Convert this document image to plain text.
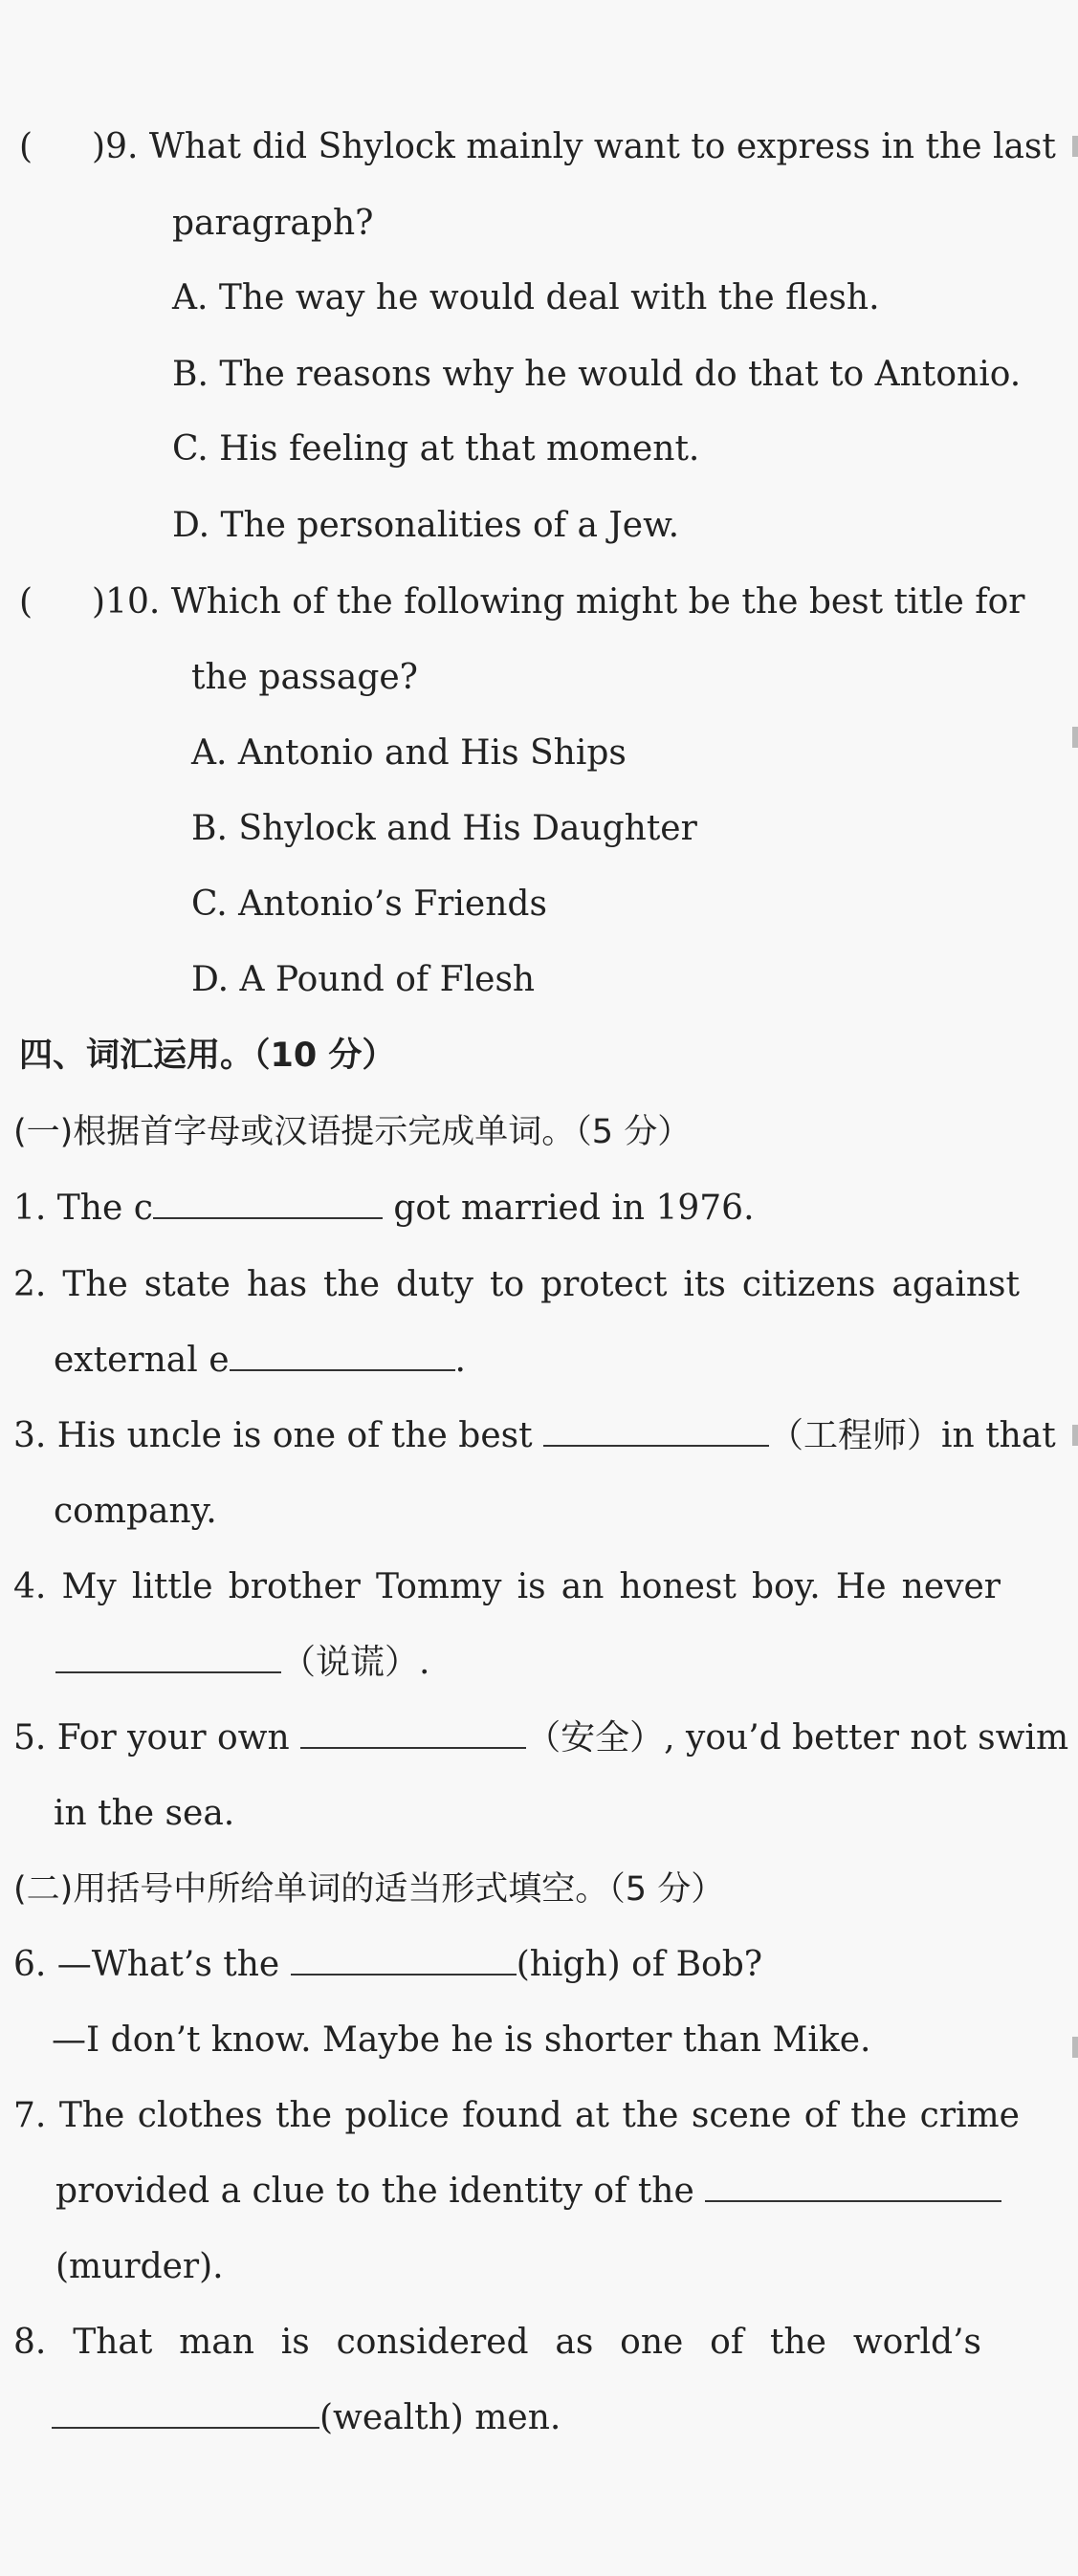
( )9. What did Shylock mainly want to express in the last
paragraph?
A. The way he would deal with the flesh.
B. The reasons why he would do that to Antonio.
C. His feeling at that moment.
D. The personalities of a Jew.
( )10. Which of the following might be the best title for
the passage?
A. Antonio and His Ships
B. Shylock and His Daughter
C. Antonio’s Friends
D. A Pound of Flesh
四、词汇运用。（10 分）
(一)根据首字母或汉语提示完成单词。（5 分）
1. The c	got married in 1976.
2. The state has the duty to protect its citizens against
external e	.
3. His uncle is one of the best	（工程师）in that
company.
4. My little brother Tommy is an honest boy. He never
（说谎）.
5. For your own	（安全）, you’d better not swim
in the sea.
(二)用括号中所给单词的适当形式填空。（5 分）
6. —What’s the	(high) of Bob?
—I don’t know. Maybe he is shorter than Mike.
7. The clothes the police found at the scene of the crime
provided a clue to the identity of the
(murder).
8. That man is considered as one of the world’s
(wealth) men.
